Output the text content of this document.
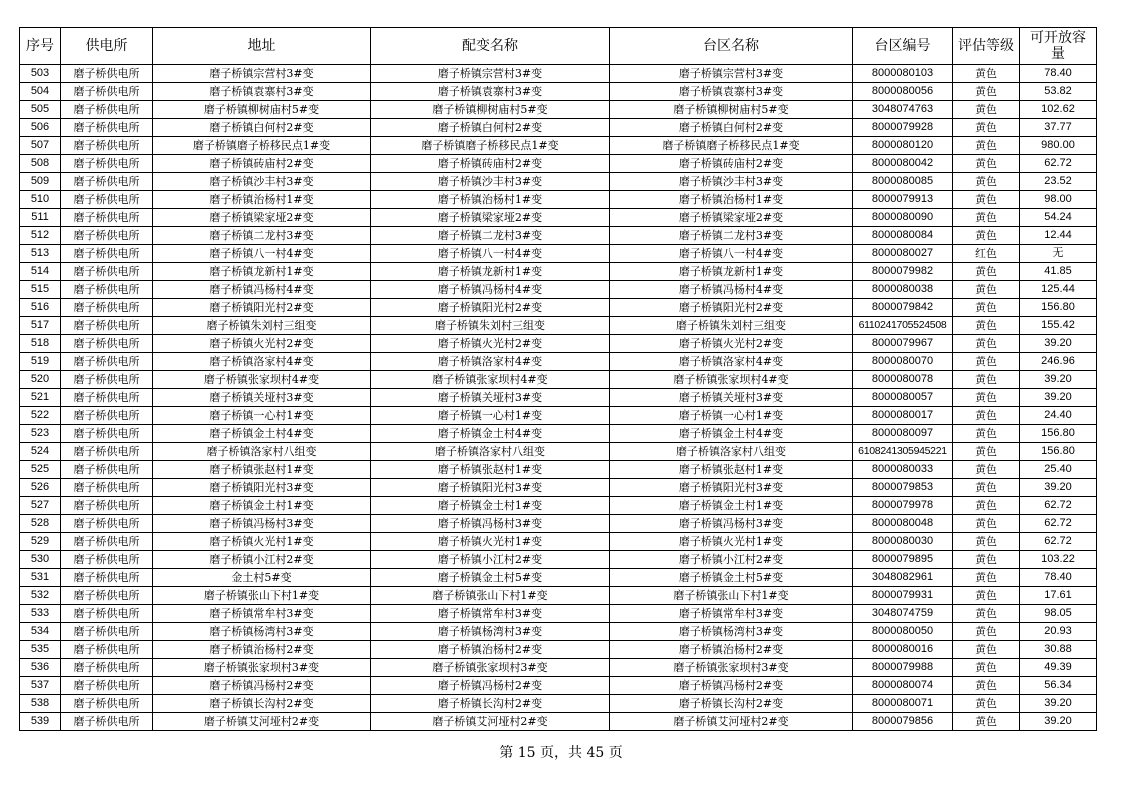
序号	供电所	地址	配变名称	台区名称	台区编号	评估等级	可开放容量
503	磨子桥供电所	磨子桥镇宗营村3#变	磨子桥镇宗营村3#变	磨子桥镇宗营村3#变	8000080103	黄色	78.40
504	磨子桥供电所	磨子桥镇袁寨村3#变	磨子桥镇袁寨村3#变	磨子桥镇袁寨村3#变	8000080056	黄色	53.82
505	磨子桥供电所	磨子桥镇柳树庙村5#变	磨子桥镇柳树庙村5#变	磨子桥镇柳树庙村5#变	3048074763	黄色	102.62
506	磨子桥供电所	磨子桥镇白何村2#变	磨子桥镇白何村2#变	磨子桥镇白何村2#变	8000079928	黄色	37.77
507	磨子桥供电所	磨子桥镇磨子桥移民点1#变	磨子桥镇磨子桥移民点1#变	磨子桥镇磨子桥移民点1#变	8000080120	黄色	980.00
508	磨子桥供电所	磨子桥镇砖庙村2#变	磨子桥镇砖庙村2#变	磨子桥镇砖庙村2#变	8000080042	黄色	62.72
509	磨子桥供电所	磨子桥镇沙丰村3#变	磨子桥镇沙丰村3#变	磨子桥镇沙丰村3#变	8000080085	黄色	23.52
510	磨子桥供电所	磨子桥镇治杨村1#变	磨子桥镇治杨村1#变	磨子桥镇治杨村1#变	8000079913	黄色	98.00
511	磨子桥供电所	磨子桥镇梁家垭2#变	磨子桥镇梁家垭2#变	磨子桥镇梁家垭2#变	8000080090	黄色	54.24
512	磨子桥供电所	磨子桥镇二龙村3#变	磨子桥镇二龙村3#变	磨子桥镇二龙村3#变	8000080084	黄色	12.44
513	磨子桥供电所	磨子桥镇八一村4#变	磨子桥镇八一村4#变	磨子桥镇八一村4#变	8000080027	红色	无
514	磨子桥供电所	磨子桥镇龙新村1#变	磨子桥镇龙新村1#变	磨子桥镇龙新村1#变	8000079982	黄色	41.85
515	磨子桥供电所	磨子桥镇冯杨村4#变	磨子桥镇冯杨村4#变	磨子桥镇冯杨村4#变	8000080038	黄色	125.44
516	磨子桥供电所	磨子桥镇阳光村2#变	磨子桥镇阳光村2#变	磨子桥镇阳光村2#变	8000079842	黄色	156.80
517	磨子桥供电所	磨子桥镇朱刘村三组变	磨子桥镇朱刘村三组变	磨子桥镇朱刘村三组变	6110241705524508	黄色	155.42
518	磨子桥供电所	磨子桥镇火光村2#变	磨子桥镇火光村2#变	磨子桥镇火光村2#变	8000079967	黄色	39.20
519	磨子桥供电所	磨子桥镇洛家村4#变	磨子桥镇洛家村4#变	磨子桥镇洛家村4#变	8000080070	黄色	246.96
520	磨子桥供电所	磨子桥镇张家坝村4#变	磨子桥镇张家坝村4#变	磨子桥镇张家坝村4#变	8000080078	黄色	39.20
521	磨子桥供电所	磨子桥镇关垭村3#变	磨子桥镇关垭村3#变	磨子桥镇关垭村3#变	8000080057	黄色	39.20
522	磨子桥供电所	磨子桥镇一心村1#变	磨子桥镇一心村1#变	磨子桥镇一心村1#变	8000080017	黄色	24.40
523	磨子桥供电所	磨子桥镇金土村4#变	磨子桥镇金土村4#变	磨子桥镇金土村4#变	8000080097	黄色	156.80
524	磨子桥供电所	磨子桥镇洛家村八组变	磨子桥镇洛家村八组变	磨子桥镇洛家村八组变	6108241305945221	黄色	156.80
525	磨子桥供电所	磨子桥镇张赵村1#变	磨子桥镇张赵村1#变	磨子桥镇张赵村1#变	8000080033	黄色	25.40
526	磨子桥供电所	磨子桥镇阳光村3#变	磨子桥镇阳光村3#变	磨子桥镇阳光村3#变	8000079853	黄色	39.20
527	磨子桥供电所	磨子桥镇金土村1#变	磨子桥镇金土村1#变	磨子桥镇金土村1#变	8000079978	黄色	62.72
528	磨子桥供电所	磨子桥镇冯杨村3#变	磨子桥镇冯杨村3#变	磨子桥镇冯杨村3#变	8000080048	黄色	62.72
529	磨子桥供电所	磨子桥镇火光村1#变	磨子桥镇火光村1#变	磨子桥镇火光村1#变	8000080030	黄色	62.72
530	磨子桥供电所	磨子桥镇小江村2#变	磨子桥镇小江村2#变	磨子桥镇小江村2#变	8000079895	黄色	103.22
531	磨子桥供电所	金土村5#变	磨子桥镇金土村5#变	磨子桥镇金土村5#变	3048082961	黄色	78.40
532	磨子桥供电所	磨子桥镇张山下村1#变	磨子桥镇张山下村1#变	磨子桥镇张山下村1#变	8000079931	黄色	17.61
533	磨子桥供电所	磨子桥镇常牟村3#变	磨子桥镇常牟村3#变	磨子桥镇常牟村3#变	3048074759	黄色	98.05
534	磨子桥供电所	磨子桥镇杨湾村3#变	磨子桥镇杨湾村3#变	磨子桥镇杨湾村3#变	8000080050	黄色	20.93
535	磨子桥供电所	磨子桥镇治杨村2#变	磨子桥镇治杨村2#变	磨子桥镇治杨村2#变	8000080016	黄色	30.88
536	磨子桥供电所	磨子桥镇张家坝村3#变	磨子桥镇张家坝村3#变	磨子桥镇张家坝村3#变	8000079988	黄色	49.39
537	磨子桥供电所	磨子桥镇冯杨村2#变	磨子桥镇冯杨村2#变	磨子桥镇冯杨村2#变	8000080074	黄色	56.34
538	磨子桥供电所	磨子桥镇长沟村2#变	磨子桥镇长沟村2#变	磨子桥镇长沟村2#变	8000080071	黄色	39.20
539	磨子桥供电所	磨子桥镇艾河垭村2#变	磨子桥镇艾河垭村2#变	磨子桥镇艾河垭村2#变	8000079856	黄色	39.20
第 15 页，共 45 页
